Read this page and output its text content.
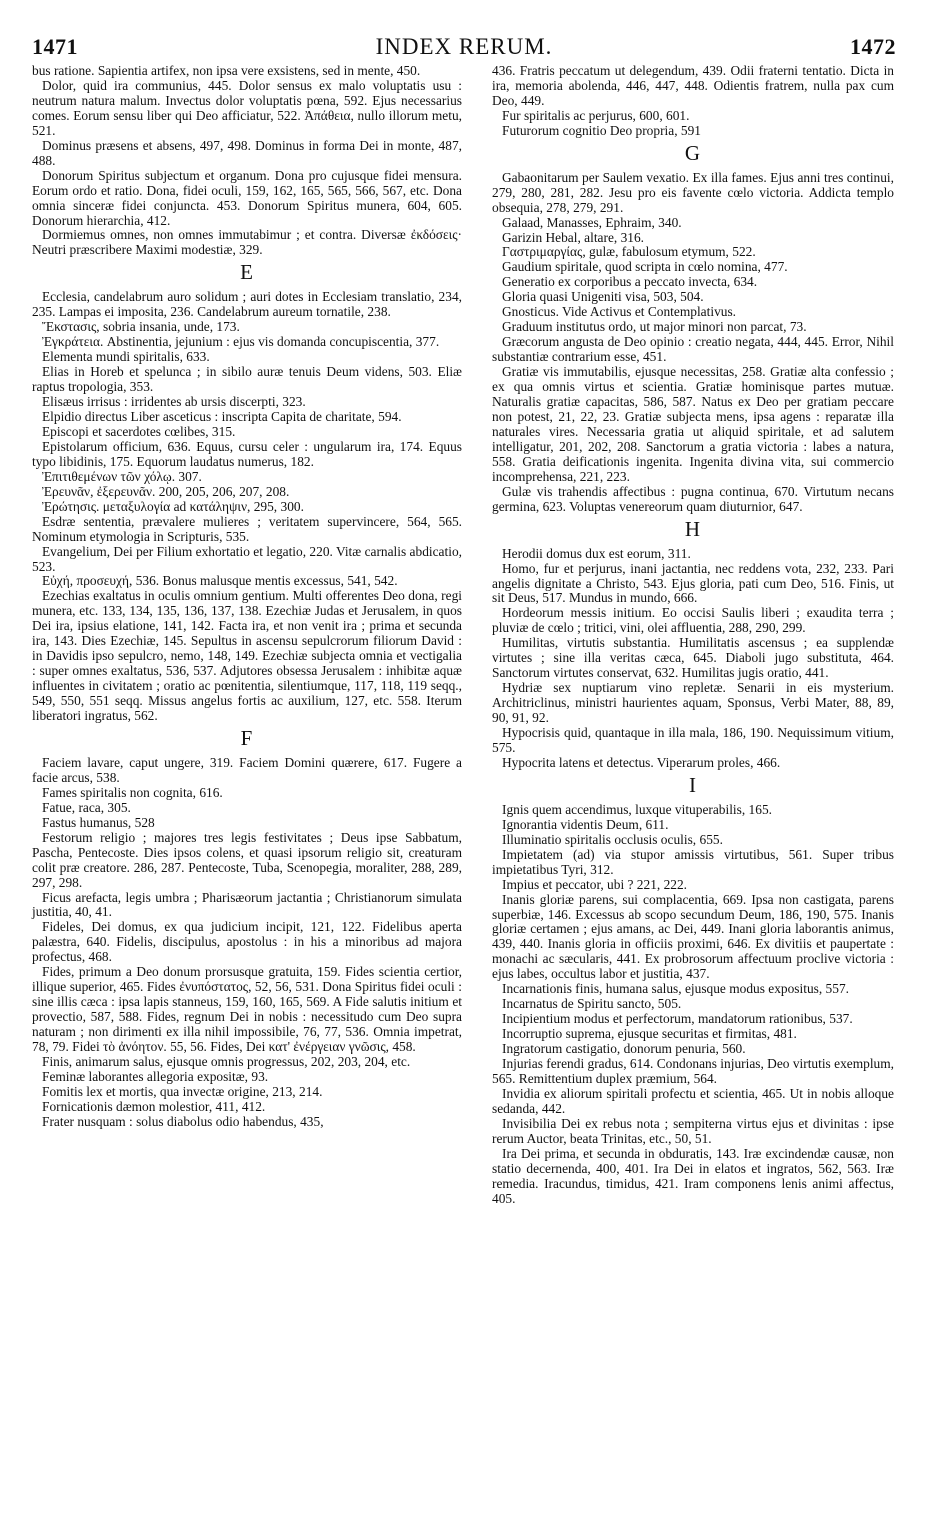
1471	INDEX RERUM.	1472

bus ratione. Sapientia artifex, non ipsa vere exsistens, sed in mente, 450.

Dolor, quid ira communius, 445. Dolor sensus ex malo voluptatis usu : neutrum natura malum. Invectus dolor voluptatis pœna, 592. Ejus necessarius comes. Eorum sensu liber qui Deo afficiatur, 522. Ἀπάθεια, nullo illorum metu, 521.

Dominus præsens et absens, 497, 498. Dominus in forma Dei in monte, 487, 488.

Donorum Spiritus subjectum et organum. Dona pro cujusque fidei mensura. Eorum ordo et ratio. Dona, fidei oculi, 159, 162, 165, 565, 566, 567, etc. Dona omnia sinceræ fidei conjuncta. 453. Donorum Spiritus munera, 604, 605. Donorum hierarchia, 412.

Dormiemus omnes, non omnes immutabimur ; et contra. Diversæ ἐκδόσεις· Neutri præscribere Maximi modestiæ, 329.

E

Ecclesia, candelabrum auro solidum ; auri dotes in Ecclesiam translatio, 234, 235. Lampas ei imposita, 236. Candelabrum aureum tornatile, 238.

Ἔκστασις, sobria insania, unde, 173.

Ἐγκράτεια. Abstinentia, jejunium : ejus vis domanda concupiscentia, 377.

Elementa mundi spiritalis, 633.

Elias in Horeb et spelunca ; in sibilo auræ tenuis Deum videns, 503. Eliæ raptus tropologia, 353.

Elisæus irrisus : irridentes ab ursis discerpti, 323.

Elpidio directus Liber asceticus : inscripta Capita de charitate, 594.

Episcopi et sacerdotes cœlibes, 315.

Epistolarum officium, 636. Equus, cursu celer : ungularum ira, 174. Equus typo libidinis, 175. Equorum laudatus numerus, 182.

Ἐπιτιθεμένων τῶν χόλῳ. 307.

Ἐρευνᾶν, ἐξερευνᾶν. 200, 205, 206, 207, 208.

Ἐρώτησις. μεταξυλογία ad κατάληψιν, 295, 300.

Esdræ sententia, prævalere mulieres ; veritatem supervincere, 564, 565. Nominum etymologia in Scripturis, 535.

Evangelium, Dei per Filium exhortatio et legatio, 220. Vitæ carnalis abdicatio, 523.

Εὐχή, προσευχή, 536. Bonus malusque mentis excessus, 541, 542.

Ezechias exaltatus in oculis omnium gentium. Multi offerentes Deo dona, regi munera, etc. 133, 134, 135, 136, 137, 138. Ezechiæ Judas et Jerusalem, in quos Dei ira, ipsius elatione, 141, 142. Facta ira, et non venit ira ; prima et secunda ira, 143. Dies Ezechiæ, 145. Sepultus in ascensu sepulcrorum filiorum David : in Davidis ipso sepulcro, nemo, 148, 149. Ezechiæ subjecta omnia et vectigalia : super omnes exaltatus, 536, 537. Adjutores obsessa Jerusalem : inhibitæ aquæ influentes in civitatem ; oratio ac pœnitentia, silentiumque, 117, 118, 119 seqq., 549, 550, 551 seqq. Missus angelus fortis ac auxilium, 127, etc. 558. Iterum liberatori ingratus, 562.

F

Faciem lavare, caput ungere, 319. Faciem Domini quærere, 617. Fugere a facie arcus, 538.

Fames spiritalis non cognita, 616.

Fatue, raca, 305.

Fastus humanus, 528

Festorum religio ; majores tres legis festivitates ; Deus ipse Sabbatum, Pascha, Pentecoste. Dies ipsos colens, et quasi ipsorum religio sit, creaturam colit præ creatore. 286, 287. Pentecoste, Tuba, Scenopegia, moraliter, 288, 289, 297, 298.

Ficus arefacta, legis umbra ; Pharisæorum jactantia ; Christianorum simulata justitia, 40, 41.

Fideles, Dei domus, ex qua judicium incipit, 121, 122. Fidelibus aperta palæstra, 640. Fidelis, discipulus, apostolus : in his a minoribus ad majora profectus, 468.

Fides, primum a Deo donum prorsusque gratuita, 159. Fides scientia certior, illique superior, 465. Fides ἐνυπόστατος, 52, 56, 531. Dona Spiritus fidei oculi : sine illis cæca : ipsa lapis stanneus, 159, 160, 165, 569. A Fide salutis initium et provectio, 587, 588. Fides, regnum Dei in nobis : necessitudo cum Deo supra naturam ; non dirimenti ex illa nihil impossibile, 76, 77, 536. Omnia impetrat, 78, 79. Fidei τὸ ἀνόητον. 55, 56. Fides, Dei κατ' ἐνέργειαν γνῶσις, 458.

Finis, animarum salus, ejusque omnis progressus, 202, 203, 204, etc.

Feminæ laborantes allegoria expositæ, 93.

Fomitis lex et mortis, qua invectæ origine, 213, 214.

Fornicationis dæmon molestior, 411, 412.

Frater nusquam : solus diabolus odio habendus, 435,

436. Fratris peccatum ut delegendum, 439. Odii fraterni tentatio. Dicta in ira, memoria abolenda, 446, 447, 448. Odientis fratrem, nulla pax cum Deo, 449.

Fur spiritalis ac perjurus, 600, 601.

Futurorum cognitio Deo propria, 591

G

Gabaonitarum per Saulem vexatio. Ex illa fames. Ejus anni tres continui, 279, 280, 281, 282. Jesu pro eis favente cœlo victoria. Addicta templo obsequia, 278, 279, 291.

Galaad, Manasses, Ephraim, 340.

Garizin Hebal, altare, 316.

Γαστριμαργίας, gulæ, fabulosum etymum, 522.

Gaudium spiritale, quod scripta in cœlo nomina, 477.

Generatio ex corporibus a peccato invecta, 634.

Gloria quasi Unigeniti visa, 503, 504.

Gnosticus. Vide Activus et Contemplativus.

Graduum institutus ordo, ut major minori non parcat, 73.

Græcorum angusta de Deo opinio : creatio negata, 444, 445. Error, Nihil substantiæ contrarium esse, 451.

Gratiæ vis immutabilis, ejusque necessitas, 258. Gratiæ alta confessio ; ex qua omnis virtus et scientia. Gratiæ hominisque partes mutuæ. Naturalis gratiæ capacitas, 586, 587. Natus ex Deo per gratiam peccare non potest, 21, 22, 23. Gratiæ subjecta mens, ipsa agens : reparatæ illa naturales vires. Necessaria gratia ut aliquid spiritale, et ad salutem intelligatur, 201, 202, 208. Sanctorum a gratia victoria : labes a natura, 558. Gratia deificationis ingenita. Ingenita divina vita, sui commercio incomprehensa, 221, 223.

Gulæ vis trahendis affectibus : pugna continua, 670. Virtutum necans germina, 623. Voluptas venereorum quam diuturnior, 647.

H

Herodii domus dux est eorum, 311.

Homo, fur et perjurus, inani jactantia, nec reddens vota, 232, 233. Pari angelis dignitate a Christo, 543. Ejus gloria, pati cum Deo, 516. Finis, ut sit Deus, 517. Mundus in mundo, 666.

Hordeorum messis initium. Eo occisi Saulis liberi ; exaudita terra ; pluviæ de cœlo ; tritici, vini, olei affluentia, 288, 290, 299.

Humilitas, virtutis substantia. Humilitatis ascensus ; ea supplendæ virtutes ; sine illa veritas cæca, 645. Diaboli jugo substituta, 464. Sanctorum virtutes conservat, 632. Humilitas jugis oratio, 441.

Hydriæ sex nuptiarum vino repletæ. Senarii in eis mysterium. Architriclinus, ministri haurientes aquam, Sponsus, Verbi Mater, 88, 89, 90, 91, 92.

Hypocrisis quid, quantaque in illa mala, 186, 190. Nequissimum vitium, 575.

Hypocrita latens et detectus. Viperarum proles, 466.

I

Ignis quem accendimus, luxque vituperabilis, 165.

Ignorantia videntis Deum, 611.

Illuminatio spiritalis occlusis oculis, 655.

Impietatem (ad) via stupor amissis virtutibus, 561. Super tribus impietatibus Tyri, 312.

Impius et peccator, ubi ? 221, 222.

Inanis gloriæ parens, sui complacentia, 669. Ipsa non castigata, parens superbiæ, 146. Excessus ab scopo secundum Deum, 186, 190, 575. Inanis gloriæ certamen ; ejus amans, ac Dei, 449. Inani gloria laborantis animus, 439, 440. Inanis gloria in officiis proximi, 646. Ex divitiis et paupertate : monachi ac sæcularis, 441. Ex probrosorum affectuum proclive victoria : ejus labes, occultus labor et justitia, 437.

Incarnationis finis, humana salus, ejusque modus expositus, 557.

Incarnatus de Spiritu sancto, 505.

Incipientium modus et perfectorum, mandatorum rationibus, 537.

Incorruptio suprema, ejusque securitas et firmitas, 481.

Ingratorum castigatio, donorum penuria, 560.

Injurias ferendi gradus, 614. Condonans injurias, Deo virtutis exemplum, 565. Remittentium duplex præmium, 564.

Invidia ex aliorum spiritali profectu et scientia, 465. Ut in nobis alloque sedanda, 442.

Invisibilia Dei ex rebus nota ; sempiterna virtus ejus et divinitas : ipse rerum Auctor, beata Trinitas, etc., 50, 51.

Ira Dei prima, et secunda in obduratis, 143. Iræ excindendæ causæ, non statio decernenda, 400, 401. Ira Dei in elatos et ingratos, 562, 563. Iræ remedia. Iracundus, timidus, 421. Iram componens lenis animi affectus, 405.
